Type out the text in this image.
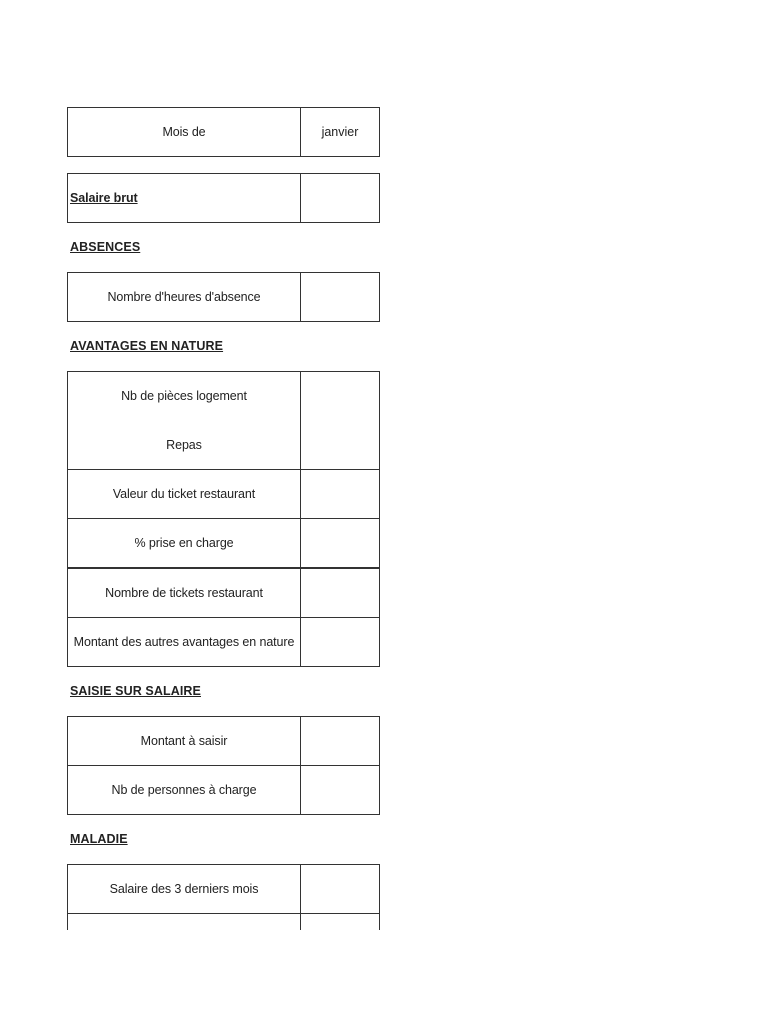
Mois de	janvier
Salaire brut
ABSENCES
Nombre d'heures d'absence
AVANTAGES EN NATURE
Nb de pièces logement
Repas
Valeur du ticket restaurant
% prise en charge
Nombre de tickets restaurant
Montant des autres avantages en nature
SAISIE SUR SALAIRE
Montant à saisir
Nb de personnes à charge
MALADIE
Salaire des 3 derniers mois
